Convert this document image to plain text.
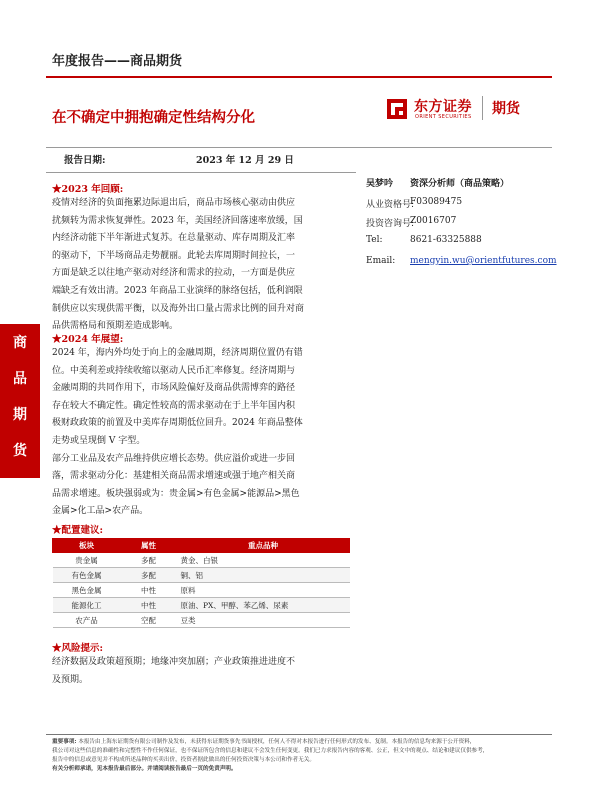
年度报告——商品期货
在不确定中拥抱确定性结构分化
东方证券
ORIENT SECURITIES 期货
报告日期:	2023 年 12 月 29 日
商
品
期
货
★2023 年回顾:
疫情对经济的负面拖累边际退出后，商品市场核心驱动由供应
扰频转为需求恢复弹性。2023 年，美国经济回落速率放缓，国
内经济动能下半年渐进式复苏。在总量驱动、库存周期及汇率
的驱动下，下半场商品走势靓丽。此轮去库周期时间拉长，一
方面是缺乏以往地产驱动对经济和需求的拉动，一方面是供应
端缺乏有效出清。2023 年商品工业演绎的脉络包括，低利润限
制供应以实现供需平衡，以及海外出口量占需求比例的回升对商
品供需格局和预期差造成影响。
★2024 年展望:
2024 年，海内外均处于向上的金融周期，经济周期位置仍有错
位。中美利差或持续收缩以驱动人民币汇率修复。经济周期与
金融周期的共同作用下，市场风险偏好及商品供需博弈的路径
存在较大不确定性。确定性较高的需求驱动在于上半年国内积
极财政政策的前置及中美库存周期低位回升。2024 年商品整体
走势或呈现倒 V 字型。
部分工业品及农产品维持供应增长态势。供应溢价或进一步回
落，需求驱动分化：基建相关商品需求增速或强于地产相关商
品需求增速。板块强弱或为：贵金属>有色金属>能源品>黑色
金属>化工品>农产品。
★配置建议:
板块	属性	重点品种
贵金属	多配	黄金、白银
有色金属	多配	铜、铝
黑色金属	中性	原料
能源化工	中性	原油、PX、甲醇、苯乙烯、尿素
农产品	空配	豆类
★风险提示:
经济数据及政策超预期；地缘冲突加剧；产业政策推进进度不
及预期。
吴梦吟 资深分析师（商品策略）
从业资格号:
F03089475
投资咨询号:
Z0016707
Tel:	8621-63325888
Email: mengyin.wu@orientfutures.com
重要事项: 本报告由上海东证期货有限公司制作及发布，未获得东证期货事先书面授权，任何人不得对本报告进行任何形式的发布、复制。本报告的信息均来源于公开资料，
我公司对这些信息的准确性和完整性不作任何保证，也不保证所包含的信息和建议不会发生任何变更。我们已力求报告内容的客观、公正，但文中的观点、结论和建议仅供参考，
报告中的信息或意见并不构成所述品种的买卖出价，投资者据此做出的任何投资决策与本公司和作者无关。
有关分析师承诺，见本报告最后部分。并请阅读报告最后一页的免责声明。
